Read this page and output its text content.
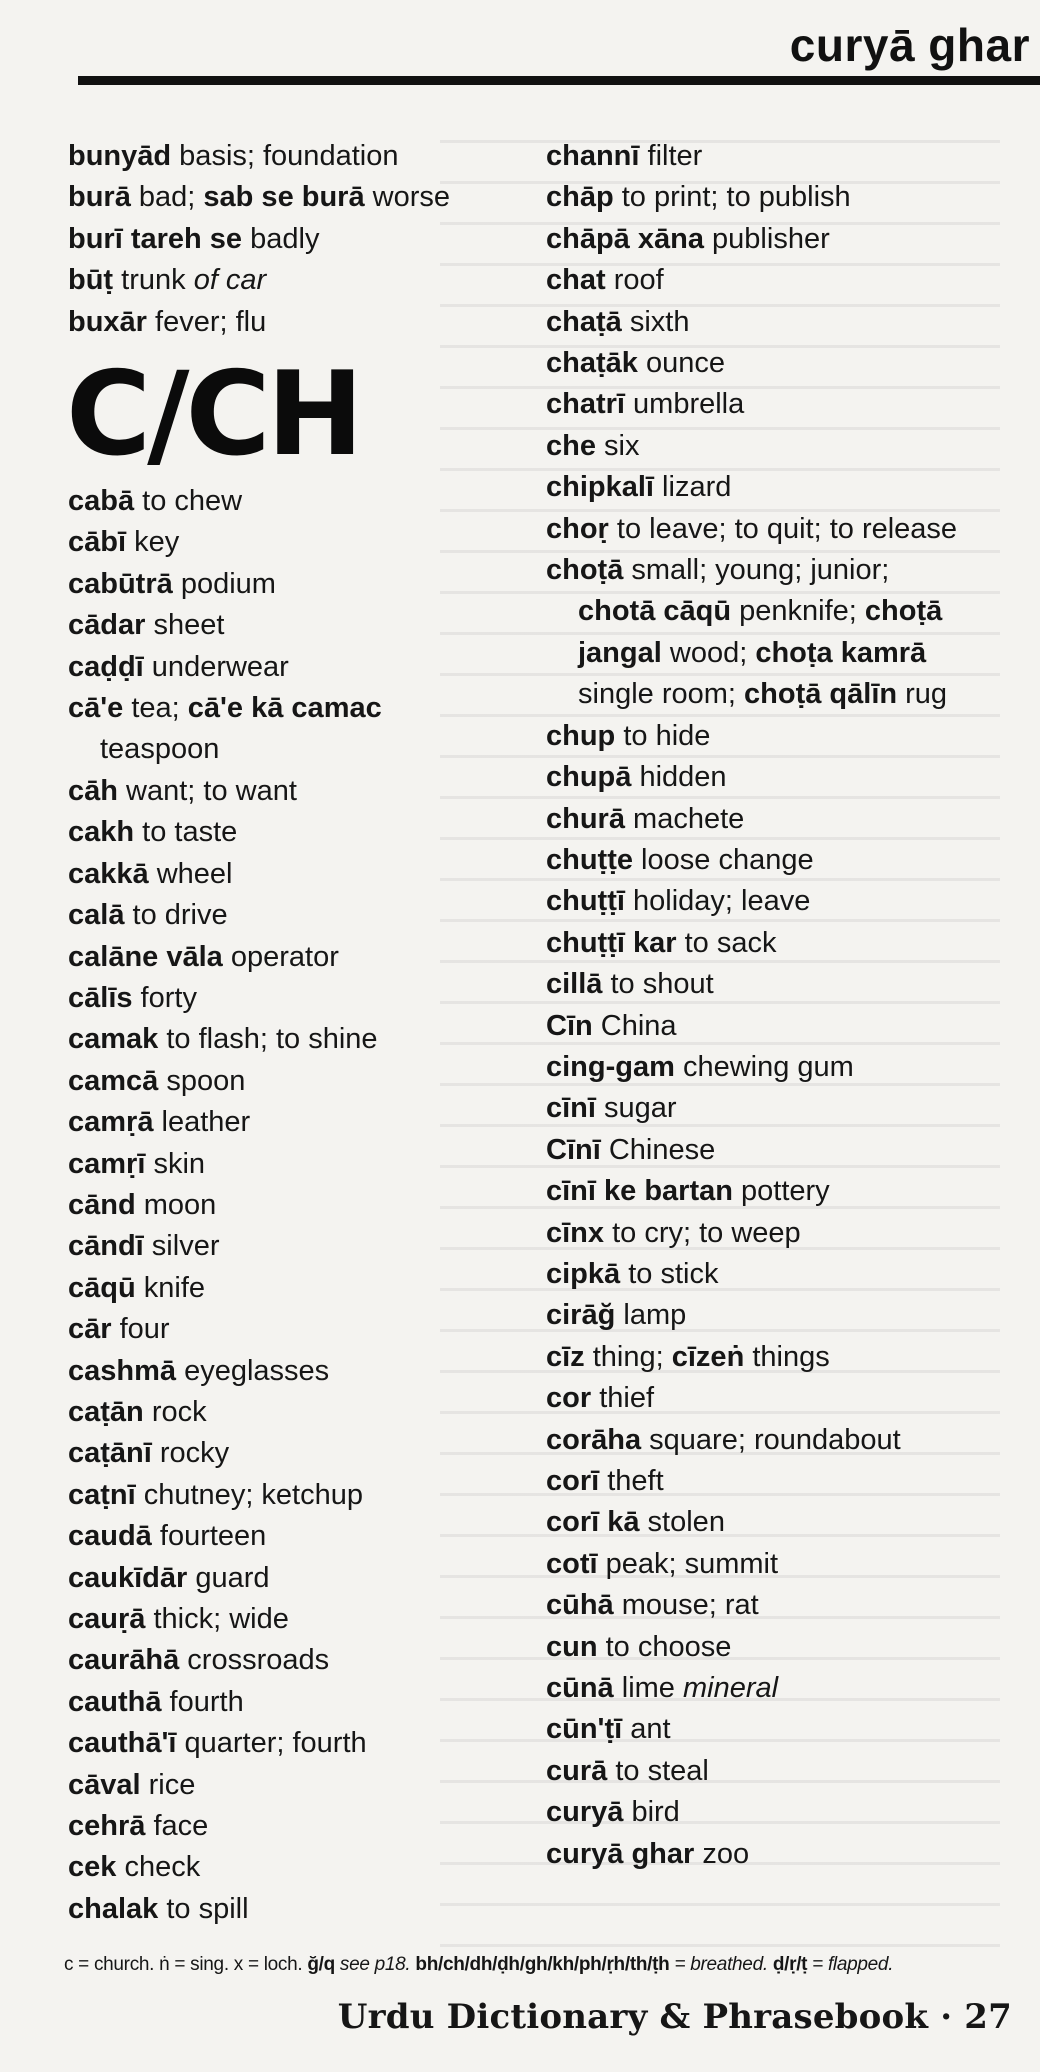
curyā ghar

bunyād basis; foundation

burā bad; sab se burā worse

burī tareh se badly

būṭ trunk of car

buxār fever; flu

C/CH

cabā to chew

cābī key

cabūtrā podium

cādar sheet

caḍḍī underwear

cā'e tea; cā'e kā camac teaspoon

cāh want; to want

cakh to taste

cakkā wheel

calā to drive

calāne vāla operator

cālīs forty

camak to flash; to shine

camcā spoon

camṛā leather

camṛī skin

cānd moon

cāndī silver

cāqū knife

cār four

cashmā eyeglasses

caṭān rock

caṭānī rocky

caṭnī chutney; ketchup

caudā fourteen

caukīdār guard

cauṛā thick; wide

caurāhā crossroads

cauthā fourth

cauthā'ī quarter; fourth

cāval rice

cehrā face

cek check

chalak to spill

channī filter

chāp to print; to publish

chāpā xāna publisher

chat roof

chaṭā sixth

chaṭāk ounce

chatrī umbrella

che six

chipkalī lizard

choṛ to leave; to quit; to release

choṭā small; young; junior; chotā cāqū penknife; choṭā jangal wood; choṭa kamrā single room; choṭā qālīn rug

chup to hide

chupā hidden

churā machete

chuṭṭe loose change

chuṭṭī holiday; leave

chuṭṭī kar to sack

cillā to shout

Cīn China

cing-gam chewing gum

cīnī sugar

Cīnī Chinese

cīnī ke bartan pottery

cīnx to cry; to weep

cipkā to stick

cirāğ lamp

cīz thing; cīzeṅ things

cor thief

corāha square; roundabout

corī theft

corī kā stolen

cotī peak; summit

cūhā mouse; rat

cun to choose

cūnā lime mineral

cūn'ṭī ant

curā to steal

curyā bird

curyā ghar zoo

c = church. ṅ = sing. x = loch. ğ/q see p18. bh/ch/dh/ḍh/gh/kh/ph/ṛh/th/ṭh = breathed. ḍ/ṛ/ṭ = flapped.
Urdu Dictionary & Phrasebook · 27
